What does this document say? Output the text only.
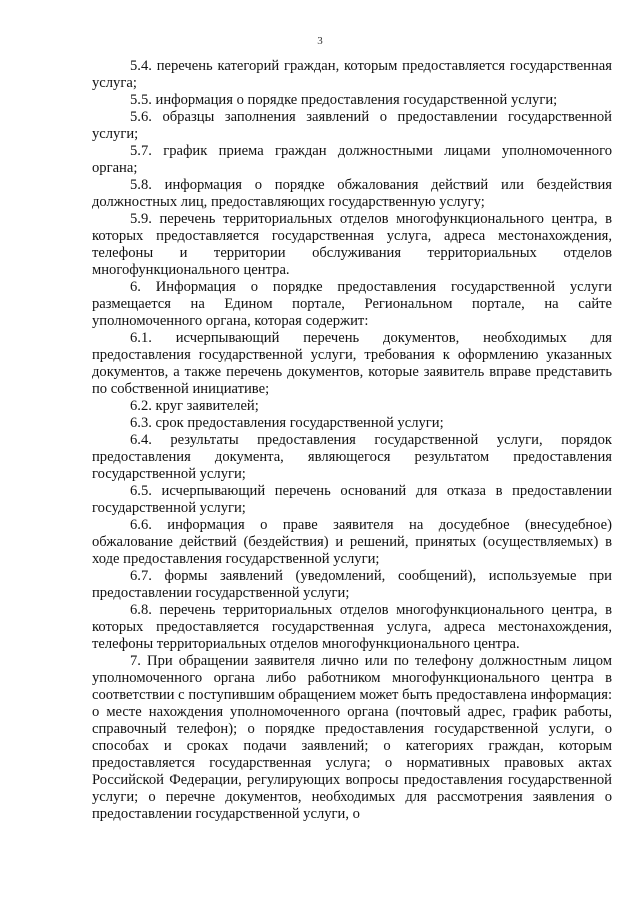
3

5.4. перечень категорий граждан, которым предоставляется государственная услуга;

5.5. информация о порядке предоставления государственной услуги;

5.6. образцы заполнения заявлений о предоставлении государственной услуги;

5.7. график приема граждан должностными лицами уполномоченного органа;

5.8. информация о порядке обжалования действий или бездействия должностных лиц, предоставляющих государственную услугу;

5.9. перечень территориальных отделов многофункционального центра, в которых предоставляется государственная услуга, адреса местонахождения, телефоны и территории обслуживания территориальных отделов многофункционального центра.

6. Информация о порядке предоставления государственной услуги размещается на Едином портале, Региональном портале, на сайте уполномоченного органа, которая содержит:

6.1. исчерпывающий перечень документов, необходимых для предоставления государственной услуги, требования к оформлению указанных документов, а также перечень документов, которые заявитель вправе представить по собственной инициативе;

6.2. круг заявителей;

6.3. срок предоставления государственной услуги;

6.4. результаты предоставления государственной услуги, порядок предоставления документа, являющегося результатом предоставления государственной услуги;

6.5. исчерпывающий перечень оснований для отказа в предоставлении государственной услуги;

6.6. информация о праве заявителя на досудебное (внесудебное) обжалование действий (бездействия) и решений, принятых (осуществляемых) в ходе предоставления государственной услуги;

6.7. формы заявлений (уведомлений, сообщений), используемые при предоставлении государственной услуги;

6.8. перечень территориальных отделов многофункционального центра, в которых предоставляется государственная услуга, адреса местонахождения, телефоны территориальных отделов многофункционального центра.

7. При обращении заявителя лично или по телефону должностным лицом уполномоченного органа либо работником многофункционального центра в соответствии с поступившим обращением может быть предоставлена информация: о месте нахождения уполномоченного органа (почтовый адрес, график работы, справочный телефон); о порядке предоставления государственной услуги, о способах и сроках подачи заявлений; о категориях граждан, которым предоставляется государственная услуга; о нормативных правовых актах Российской Федерации, регулирующих вопросы предоставления государственной услуги; о перечне документов, необходимых для рассмотрения заявления о предоставлении государственной услуги, о
